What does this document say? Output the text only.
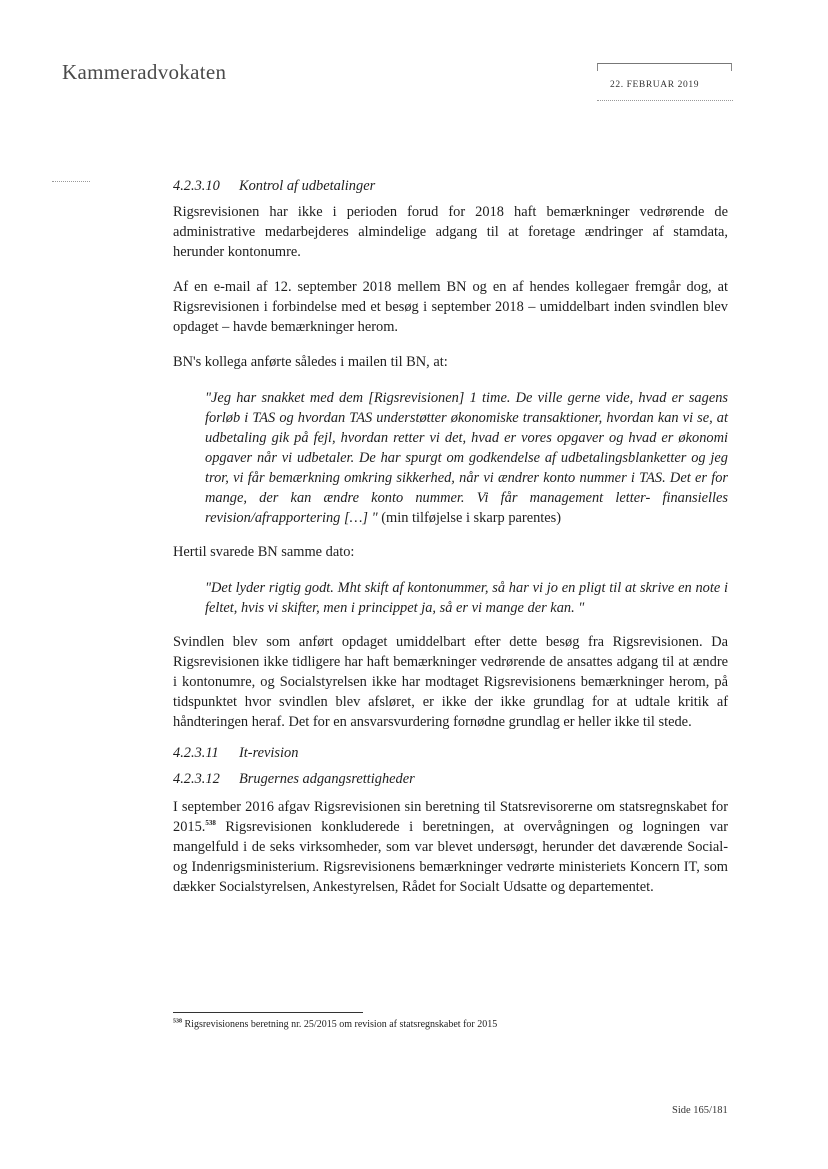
Kammeradvokaten
22. FEBRUAR 2019
4.2.3.10 Kontrol af udbetalinger

Rigsrevisionen har ikke i perioden forud for 2018 haft bemærkninger vedrørende de administrative medarbejderes almindelige adgang til at foretage ændringer af stamdata, herunder kontonumre.

Af en e-mail af 12. september 2018 mellem BN og en af hendes kollegaer fremgår dog, at Rigsrevisionen i forbindelse med et besøg i september 2018 – umiddelbart inden svindlen blev opdaget – havde bemærkninger herom.

BN's kollega anførte således i mailen til BN, at:

"Jeg har snakket med dem [Rigsrevisionen] 1 time. De ville gerne vide, hvad er sagens forløb i TAS og hvordan TAS understøtter økonomiske transaktioner, hvordan kan vi se, at udbetaling gik på fejl, hvordan retter vi det, hvad er vores opgaver og hvad er økonomi opgaver når vi udbetaler. De har spurgt om godkendelse af udbetalingsblanketter og jeg tror, vi får bemærkning omkring sikkerhed, når vi ændrer konto nummer i TAS. Det er for mange, der kan ændre konto nummer. Vi får management letter- finansielles revision/afrapportering […] " (min tilføjelse i skarp parentes)

Hertil svarede BN samme dato:

"Det lyder rigtig godt. Mht skift af kontonummer, så har vi jo en pligt til at skrive en note i feltet, hvis vi skifter, men i princippet ja, så er vi mange der kan. "

Svindlen blev som anført opdaget umiddelbart efter dette besøg fra Rigsrevisionen. Da Rigsrevisionen ikke tidligere har haft bemærkninger vedrørende de ansattes adgang til at ændre i kontonumre, og Socialstyrelsen ikke har modtaget Rigsrevisionens bemærkninger herom, på tidspunktet hvor svindlen blev afsløret, er ikke der ikke grundlag for at udtale kritik af håndteringen heraf. Det for en ansvarsvurdering fornødne grundlag er heller ikke til stede.

4.2.3.11 It-revision
4.2.3.12 Brugernes adgangsrettigheder

I september 2016 afgav Rigsrevisionen sin beretning til Statsrevisorerne om statsregnskabet for 2015.$^{538}$ Rigsrevisionen konkluderede i beretningen, at overvågningen og logningen var mangelfuld i de seks virksomheder, som var blevet undersøgt, herunder det daværende Social- og Indenrigsministerium. Rigsrevisionens bemærkninger vedrørte ministeriets Koncern IT, som dækker Socialstyrelsen, Ankestyrelsen, Rådet for Socialt Udsatte og departementet.

$^{538}$ Rigsrevisionens beretning nr. 25/2015 om revision af statsregnskabet for 2015
Side 165/181
